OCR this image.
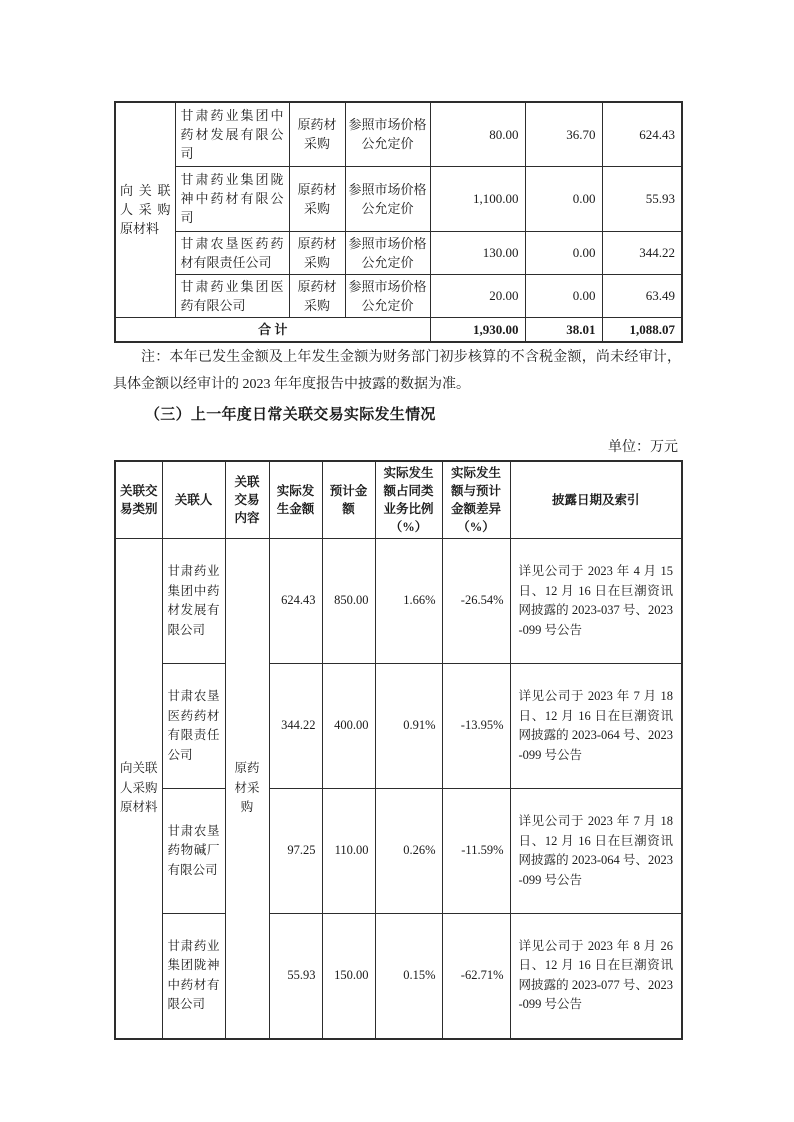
向关联人采购原材料	甘肃药业集团中药材发展有限公司	原药材采购	参照市场价格公允定价	80.00	36.70	624.43
	甘肃药业集团陇神中药材有限公司	原药材采购	参照市场价格公允定价	1,100.00	0.00	55.93
	甘肃农垦医药药材有限责任公司	原药材采购	参照市场价格公允定价	130.00	0.00	344.22
	甘肃药业集团医药有限公司	原药材采购	参照市场价格公允定价	20.00	0.00	63.49
合 计				1,930.00	38.01	1,088.07

注：本年已发生金额及上年发生金额为财务部门初步核算的不含税金额，尚未经审计，具体金额以经审计的 2023 年年度报告中披露的数据为准。

（三）上一年度日常关联交易实际发生情况
单位：万元
关联交易类别	关联人	关联交易内容	实际发生金额	预计金额	实际发生额占同类业务比例（%）	实际发生额与预计金额差异（%）	披露日期及索引
向关联人采购原材料	甘肃药业集团中药材发展有限公司	原药材采购	624.43	850.00	1.66%	-26.54%	详见公司于 2023 年 4 月 15 日、12 月 16 日在巨潮资讯网披露的 2023-037 号、2023-099 号公告
	甘肃农垦医药药材有限责任公司		344.22	400.00	0.91%	-13.95%	详见公司于 2023 年 7 月 18 日、12 月 16 日在巨潮资讯网披露的 2023-064 号、2023-099 号公告
	甘肃农垦药物碱厂有限公司		97.25	110.00	0.26%	-11.59%	详见公司于 2023 年 7 月 18 日、12 月 16 日在巨潮资讯网披露的 2023-064 号、2023-099 号公告
	甘肃药业集团陇神中药材有限公司		55.93	150.00	0.15%	-62.71%	详见公司于 2023 年 8 月 26 日、12 月 16 日在巨潮资讯网披露的 2023-077 号、2023-099 号公告
